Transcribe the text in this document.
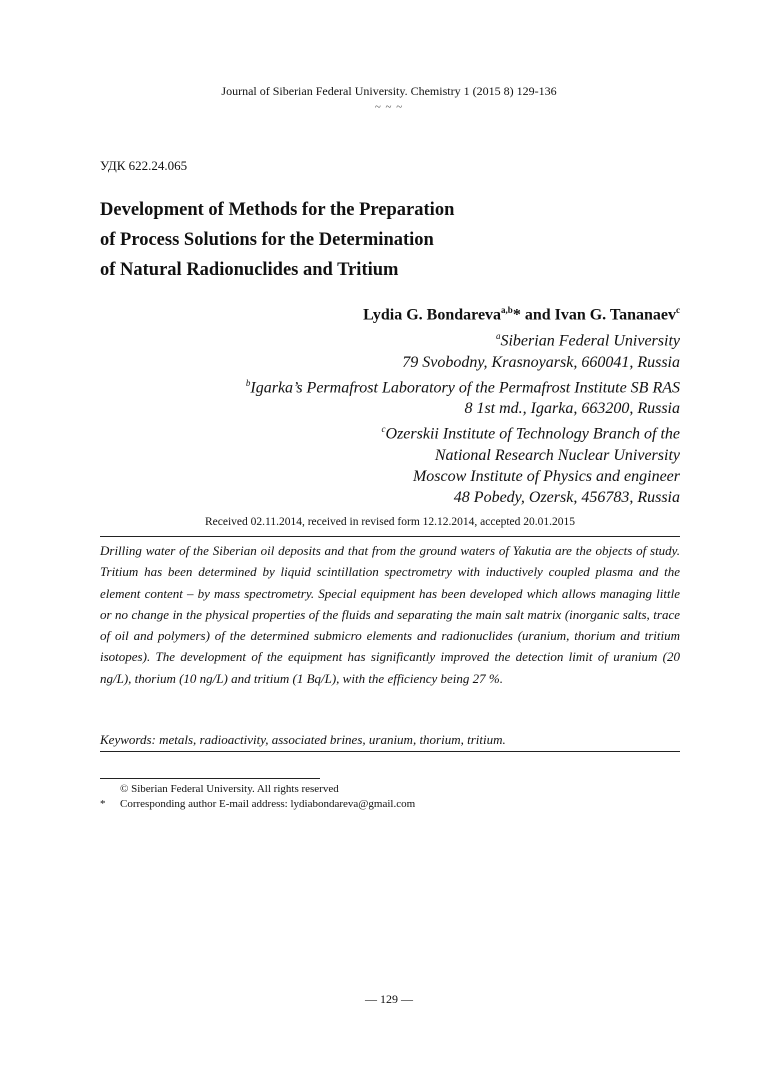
Journal of Siberian Federal University. Chemistry 1 (2015 8) 129-136
~ ~ ~
УДК 622.24.065
Development of Methods for the Preparation
of Process Solutions for the Determination
of Natural Radionuclides and Tritium
Lydia G. Bondareva$^{a,b}$* and Ivan G. Tananaev$^c$
$^a$Siberian Federal University
79 Svobodny, Krasnoyarsk, 660041, Russia
$^b$Igarka’s Permafrost Laboratory of the Permafrost Institute SB RAS
8 1st md., Igarka, 663200, Russia
$^c$Ozerskii Institute of Technology Branch of the
National Research Nuclear University
Moscow Institute of Physics and engineer
48 Pobedy, Ozersk, 456783, Russia
Received 02.11.2014, received in revised form 12.12.2014, accepted 20.01.2015

Drilling water of the Siberian oil deposits and that from the ground waters of Yakutia are the objects of study. Tritium has been determined by liquid scintillation spectrometry with inductively coupled plasma and the element content – by mass spectrometry. Special equipment has been developed which allows managing little or no change in the physical properties of the fluids and separating the main salt matrix (inorganic salts, trace of oil and polymers) of the determined submicro elements and radionuclides (uranium, thorium and tritium isotopes). The development of the equipment has significantly improved the detection limit of uranium (20 ng/L), thorium (10 ng/L) and tritium (1 Bq/L), with the efficiency being 27 %.

Keywords: metals, radioactivity, associated brines, uranium, thorium, tritium.
© Siberian Federal University. All rights reserved
*	Corresponding author E-mail address: lydiabondareva@gmail.com
― 129 ―
